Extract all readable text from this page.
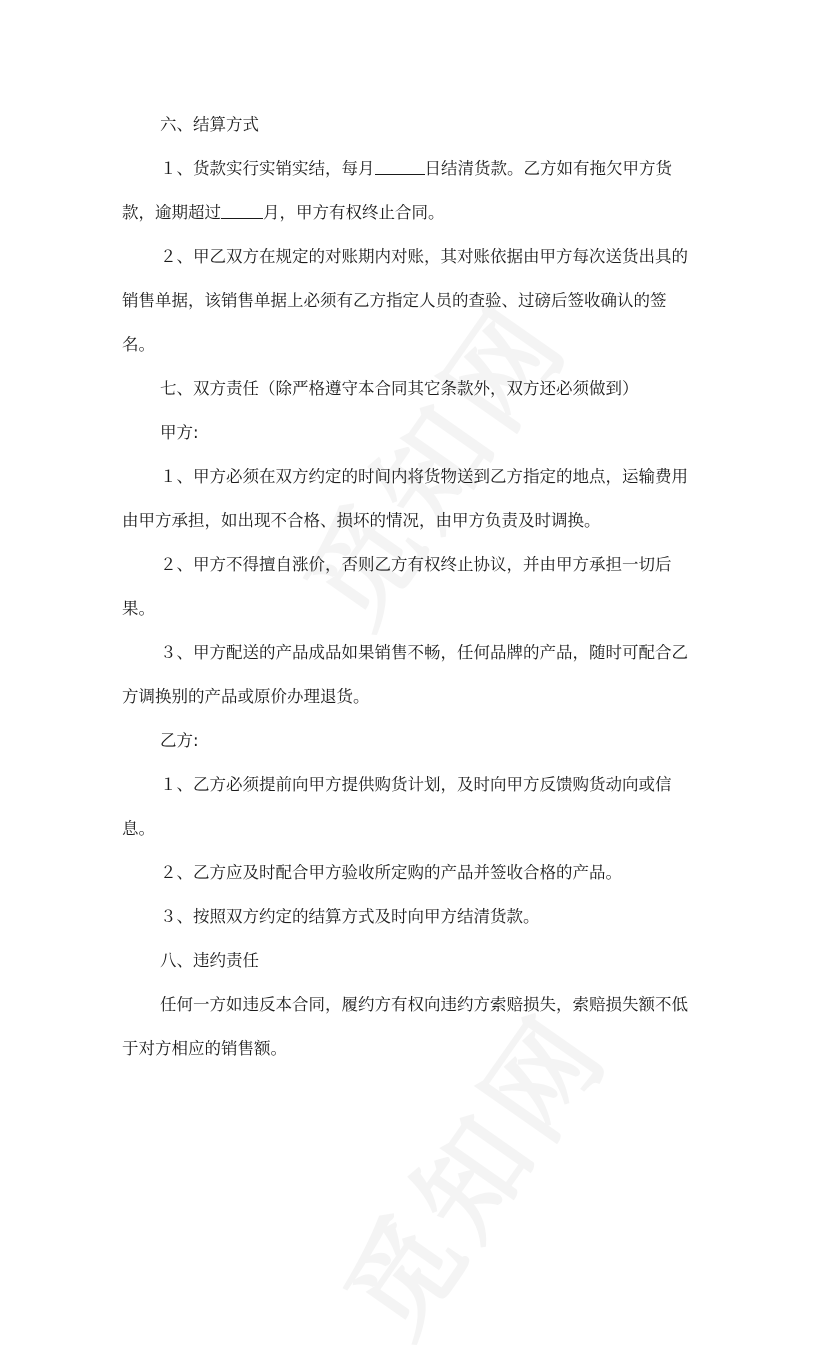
六、结算方式
１、货款实行实销实结，每月	日结清货款。乙方如有拖欠甲方货
款，逾期超过	月，甲方有权终止合同。
２、甲乙双方在规定的对账期内对账，其对账依据由甲方每次送货出具的
销售单据，该销售单据上必须有乙方指定人员的查验、过磅后签收确认的签
名。
七、双方责任（除严格遵守本合同其它条款外，双方还必须做到）
甲方:
１、甲方必须在双方约定的时间内将货物送到乙方指定的地点，运输费用
由甲方承担，如出现不合格、损坏的情况，由甲方负责及时调换。
２、甲方不得擅自涨价，否则乙方有权终止协议，并由甲方承担一切后
果。
３、甲方配送的产品成品如果销售不畅，任何品牌的产品，随时可配合乙
方调换别的产品或原价办理退货。
乙方:
１、乙方必须提前向甲方提供购货计划，及时向甲方反馈购货动向或信
息。
２、乙方应及时配合甲方验收所定购的产品并签收合格的产品。
３、按照双方约定的结算方式及时向甲方结清货款。
八、违约责任
任何一方如违反本合同，履约方有权向违约方索赔损失，索赔损失额不低
于对方相应的销售额。
